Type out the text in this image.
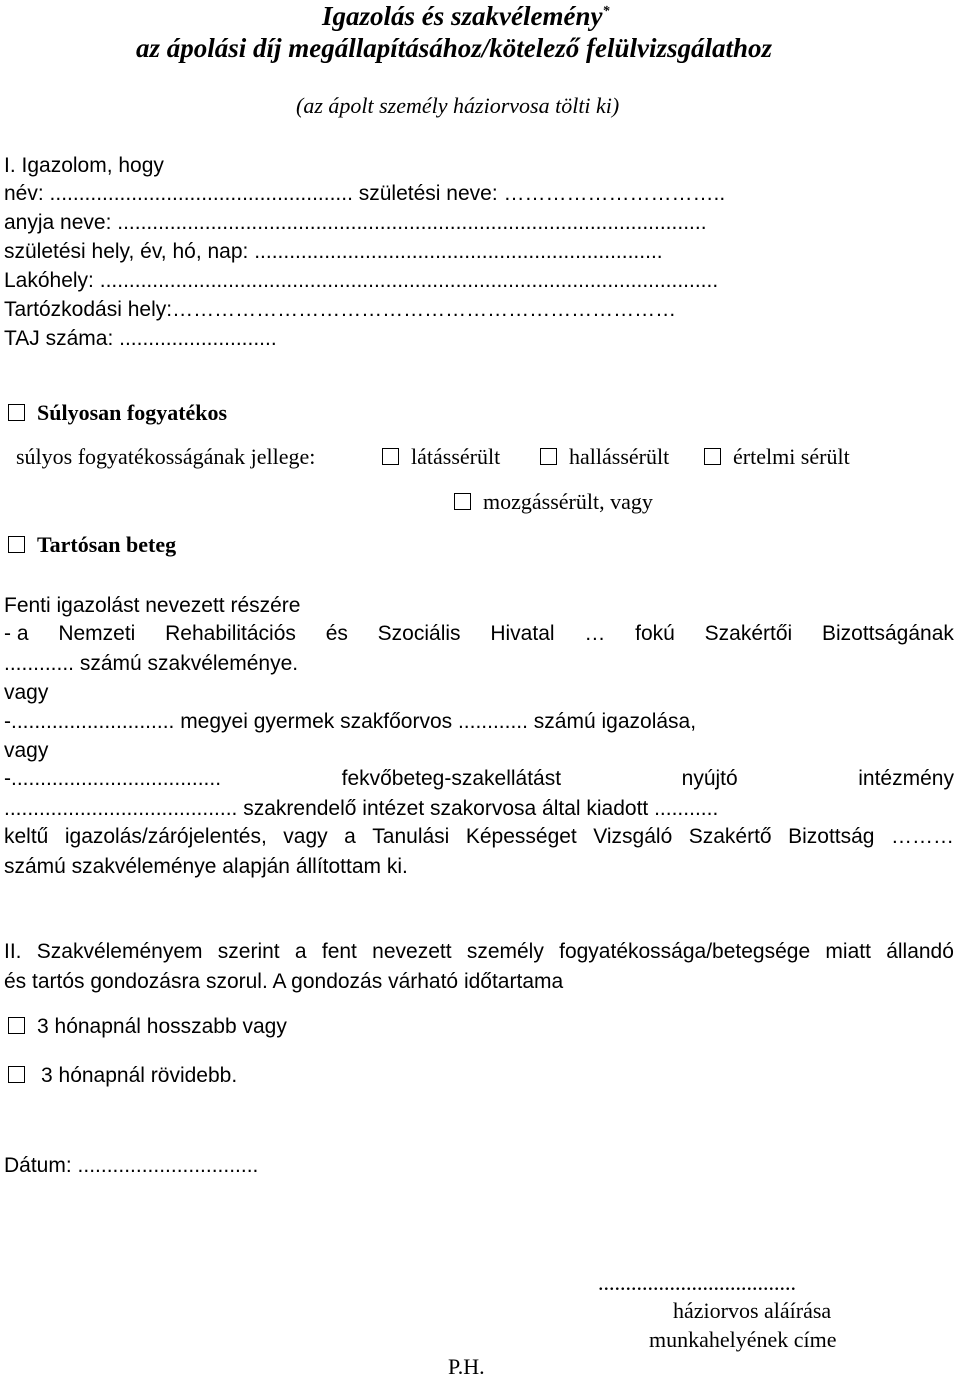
Igazolás és szakvélemény*
az ápolási díj megállapításához/kötelező felülvizsgálathoz
(az ápolt személy háziorvosa tölti ki)
I. Igazolom, hogy
név: .................................................... születési neve: …………………………..
anyja neve: .....................................................................................................
születési hely, év, hó, nap: ......................................................................
Lakóhely: ..........................................................................................................
Tartózkodási hely:………………………………………………………………
TAJ száma: ...........................
Súlyosan fogyatékos
súlyos fogyatékosságának jellege:	látássérült	hallássérült	értelmi sérült
mozgássérült, vagy
Tartósan beteg
Fenti igazolást nevezett részére
- a Nemzeti Rehabilitációs és Szociális Hivatal … fokú Szakértői Bizottságának
............ számú szakvéleménye.
vagy
-............................ megyei gyermek szakfőorvos ............ számú igazolása,
vagy
-....................................	fekvőbeteg-szakellátást	nyújtó	intézmény
........................................ szakrendelő intézet szakorvosa által kiadott ...........
keltű igazolás/zárójelentés, vagy a Tanulási Képességet Vizsgáló Szakértő Bizottság ………
számú szakvéleménye alapján állítottam ki.
II. Szakvéleményem szerint a fent nevezett személy fogyatékossága/betegsége miatt állandó
és tartós gondozásra szorul. A gondozás várható időtartama
3 hónapnál hosszabb vagy
3 hónapnál rövidebb.
Dátum: ...............................
....................................
háziorvos aláírása
munkahelyének címe
P.H.
